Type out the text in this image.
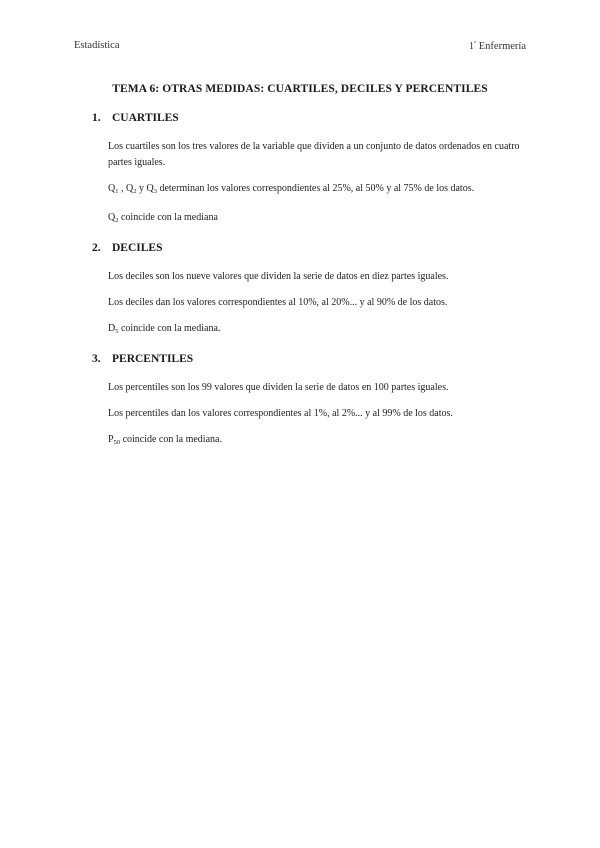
Estadística	$1^º$ Enfermería
TEMA 6: OTRAS MEDIDAS: CUARTILES, DECILES Y PERCENTILES
1. CUARTILES

Los cuartiles son los tres valores de la variable que dividen a un conjunto de datos ordenados en cuatro partes iguales.

$Q_1$ , $Q_2$ y $Q_3$ determinan los valores correspondientes al 25%, al 50% y al 75% de los datos.

$Q_2$ coincide con la mediana

2. DECILES

Los deciles son los nueve valores que dividen la serie de datos en diez partes iguales.

Los deciles dan los valores correspondientes al 10%, al 20%... y al 90% de los datos.

$D_5$ coincide con la mediana.

3. PERCENTILES

Los percentiles son los 99 valores que dividen la serie de datos en 100 partes iguales.

Los percentiles dan los valores correspondientes al 1%, al 2%... y al 99% de los datos.

$P_{50}$ coincide con la mediana.
